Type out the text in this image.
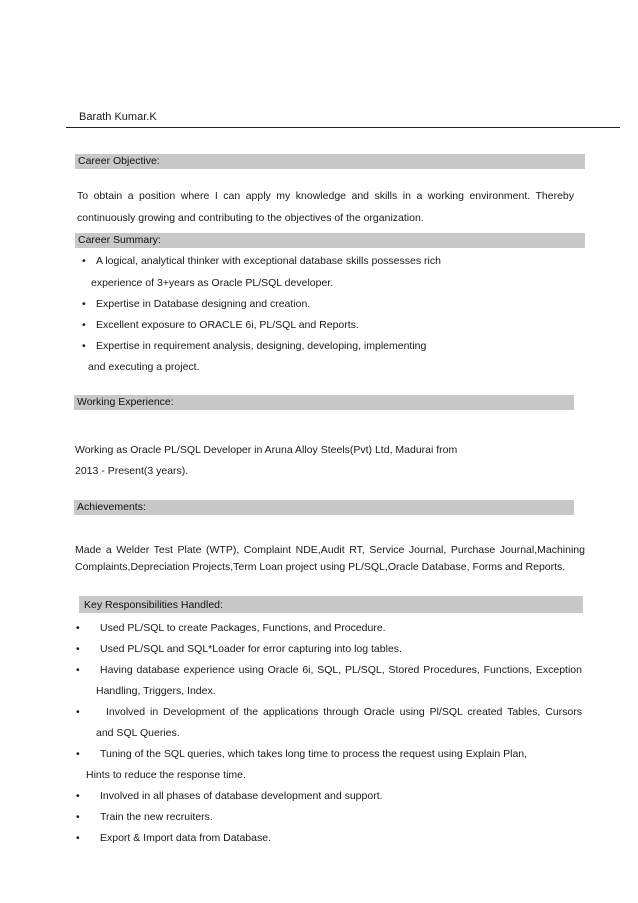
Barath Kumar.K
Career Objective:
To obtain a position where I can apply my knowledge and skills in a working environment. Thereby
continuously growing and contributing to the objectives of the organization.
Career Summary:
• A logical, analytical thinker with exceptional database skills possesses rich
experience of 3+years as Oracle PL/SQL developer.
• Expertise in Database designing and creation.
• Excellent exposure to ORACLE 6i, PL/SQL and Reports.
• Expertise in requirement analysis, designing, developing, implementing
and executing a project.
Working Experience:
Working as Oracle PL/SQL Developer in Aruna Alloy Steels(Pvt) Ltd, Madurai from
2013 - Present(3 years).
Achievements:
Made a Welder Test Plate (WTP), Complaint NDE,Audit RT, Service Journal, Purchase Journal,Machining
Complaints,Depreciation Projects,Term Loan project using PL/SQL,Oracle Database, Forms and Reports.
Key Responsibilities Handled:
• Used PL/SQL to create Packages, Functions, and Procedure.
• Used PL/SQL and SQL*Loader for error capturing into log tables.
• Having database experience using Oracle 6i, SQL, PL/SQL, Stored Procedures, Functions, Exception
Handling, Triggers, Index.
•	Involved in Development of the applications through Oracle using Pl/SQL created Tables, Cursors
and SQL Queries.
• Tuning of the SQL queries, which takes long time to process the request using Explain Plan,
Hints to reduce the response time.
• Involved in all phases of database development and support.
• Train the new recruiters.
• Export & Import data from Database.
